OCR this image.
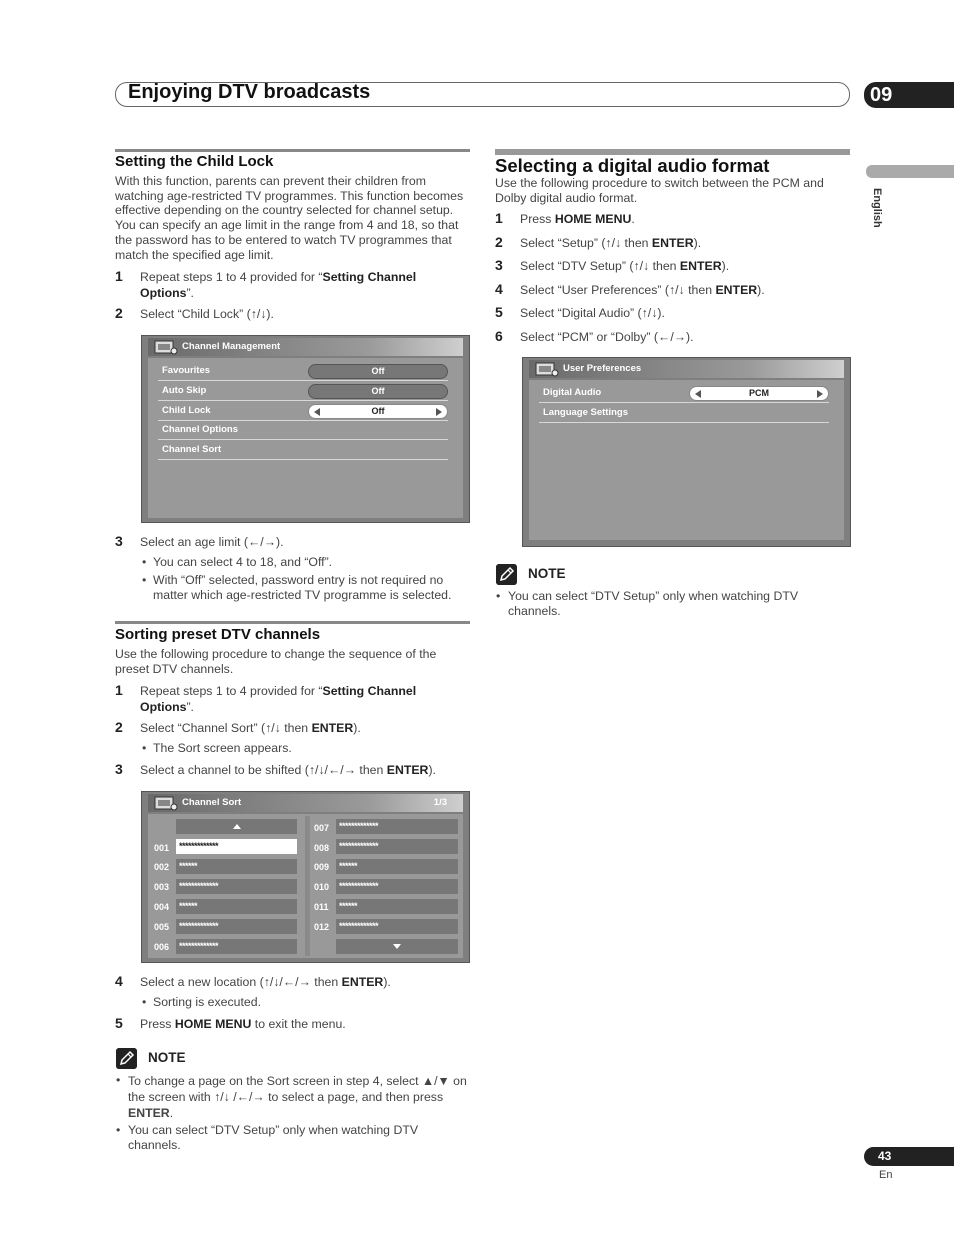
Enjoying DTV broadcasts	09
English
Setting the Child Lock
With this function, parents can prevent their children from watching age-restricted TV programmes. This function becomes effective depending on the country selected for channel setup. You can specify an age limit in the range from 4 and 18, so that the password has to be entered to watch TV programmes that match the specified age limit.
1 Repeat steps 1 to 4 provided for “Setting Channel Options”.
2 Select “Child Lock” (↑/↓).
Channel Management
Favourites	Off
Auto Skip	Off
Child Lock	Off
Channel Options
Channel Sort
3 Select an age limit (←/→).
• You can select 4 to 18, and “Off”.
• With “Off” selected, password entry is not required no matter which age-restricted TV programme is selected.
Sorting preset DTV channels
Use the following procedure to change the sequence of the preset DTV channels.
1 Repeat steps 1 to 4 provided for “Setting Channel Options”.
2 Select “Channel Sort” (↑/↓ then ENTER).
• The Sort screen appears.
3 Select a channel to be shifted (↑/↓/←/→ then ENTER).
Channel Sort	1/3
001	*************
002	******
003	*************
004	******
005	*************
006	*************
007	*************
008	*************
009	******
010	*************
011	******
012	*************
4 Select a new location (↑/↓/←/→ then ENTER).
• Sorting is executed.
5 Press HOME MENU to exit the menu.
NOTE
• To change a page on the Sort screen in step 4, select ▲/▼ on the screen with ↑/↓ /←/→ to select a page, and then press ENTER.
• You can select “DTV Setup” only when watching DTV channels.
Selecting a digital audio format
Use the following procedure to switch between the PCM and Dolby digital audio format.
1 Press HOME MENU.
2 Select “Setup” (↑/↓ then ENTER).
3 Select “DTV Setup” (↑/↓ then ENTER).
4 Select “User Preferences” (↑/↓ then ENTER).
5 Select “Digital Audio” (↑/↓).
6 Select “PCM” or “Dolby” (←/→).
User Preferences
Digital Audio	PCM
Language Settings
NOTE
• You can select “DTV Setup” only when watching DTV channels.
43
En
